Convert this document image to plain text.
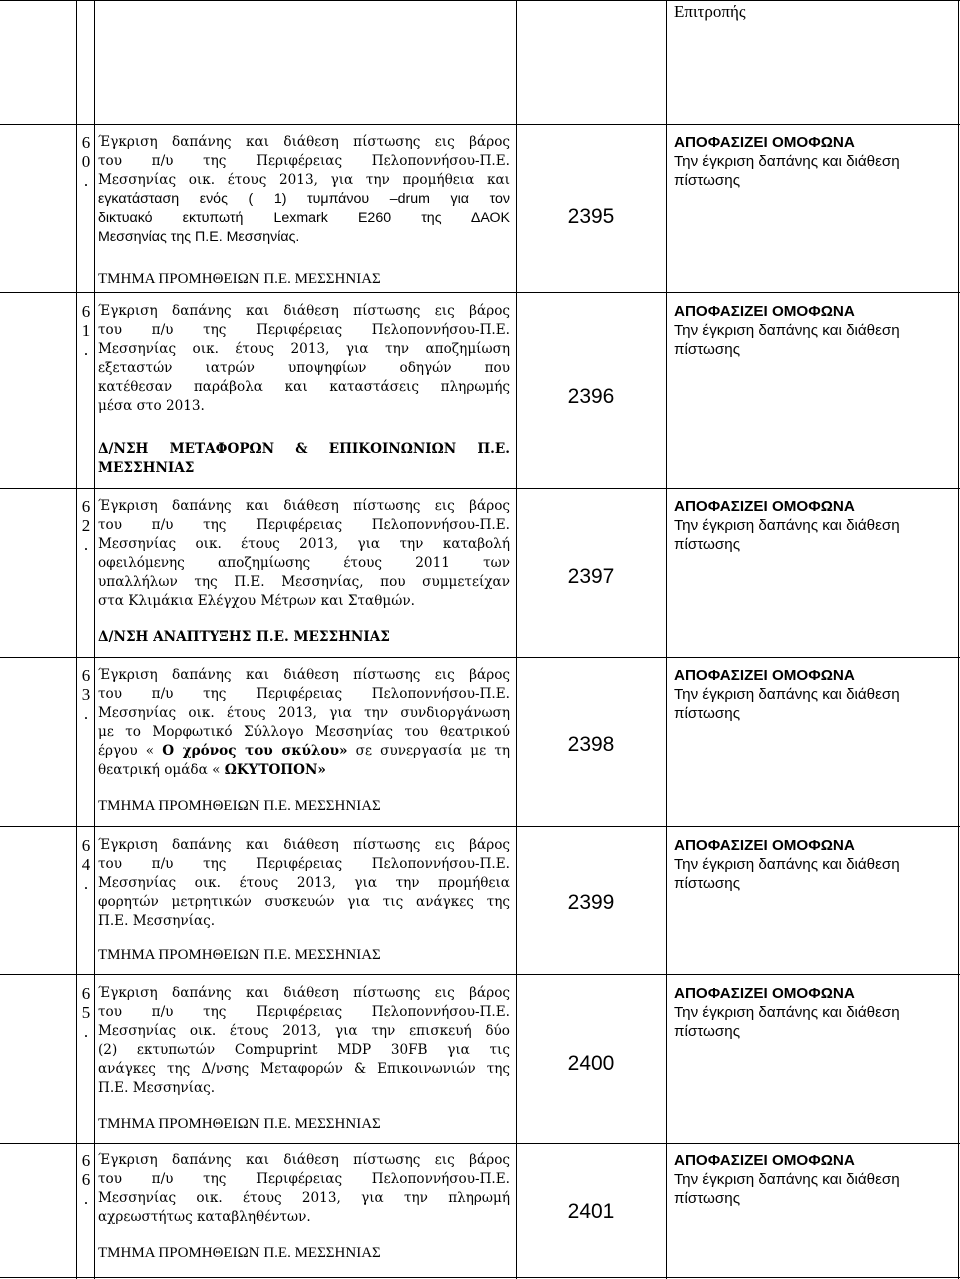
Επιτροπής
6
0
.
Έγκριση δαπάνης και διάθεση πίστωσης εις βάρος
του π/υ της Περιφέρειας Πελοποννήσου-Π.Ε.
Μεσσηνίας οικ. έτους 2013, για την προμήθεια και
εγκατάσταση ενός ( 1) τυμπάνου –drum για τον
δικτυακό εκτυπωτή Lexmark E260 της ΔΑΟΚ
Μεσσηνίας της Π.Ε. Μεσσηνίας.
ΤΜΗΜΑ ΠΡΟΜΗΘΕΙΩΝ Π.Ε. ΜΕΣΣΗΝΙΑΣ
2395
ΑΠΟΦΑΣΙΖΕΙ ΟΜΟΦΩΝΑ
Την έγκριση δαπάνης και διάθεση
πίστωσης
6
1
.
Έγκριση δαπάνης και διάθεση πίστωσης εις βάρος
του π/υ της Περιφέρειας Πελοποννήσου-Π.Ε.
Μεσσηνίας οικ. έτους 2013, για την αποζημίωση
εξεταστών ιατρών υποψηφίων οδηγών που
κατέθεσαν παράβολα και καταστάσεις πληρωμής
μέσα στο 2013.
Δ/ΝΣΗ ΜΕΤΑΦΟΡΩΝ & ΕΠΙΚΟΙΝΩΝΙΩΝ Π.Ε. ΜΕΣΣΗΝΙΑΣ
2396
ΑΠΟΦΑΣΙΖΕΙ ΟΜΟΦΩΝΑ
Την έγκριση δαπάνης και διάθεση
πίστωσης
6
2
.
Έγκριση δαπάνης και διάθεση πίστωσης εις βάρος
του π/υ της Περιφέρειας Πελοποννήσου-Π.Ε.
Μεσσηνίας οικ. έτους 2013, για την καταβολή
οφειλόμενης αποζημίωσης έτους 2011 των
υπαλλήλων της Π.Ε. Μεσσηνίας, που συμμετείχαν
στα Κλιμάκια Ελέγχου Μέτρων και Σταθμών.
Δ/ΝΣΗ ΑΝΑΠΤΥΞΗΣ Π.Ε. ΜΕΣΣΗΝΙΑΣ
2397
ΑΠΟΦΑΣΙΖΕΙ ΟΜΟΦΩΝΑ
Την έγκριση δαπάνης και διάθεση
πίστωσης
6
3
.
Έγκριση δαπάνης και διάθεση πίστωσης εις βάρος
του π/υ της Περιφέρειας Πελοποννήσου-Π.Ε.
Μεσσηνίας οικ. έτους 2013, για την συνδιοργάνωση
με το Μορφωτικό Σύλλογο Μεσσηνίας του θεατρικού
έργου « Ο χρόνος του σκύλου» σε συνεργασία με τη
θεατρική ομάδα « ΩΚΥΤΟΠΟΝ»
ΤΜΗΜΑ ΠΡΟΜΗΘΕΙΩΝ Π.Ε. ΜΕΣΣΗΝΙΑΣ
2398
ΑΠΟΦΑΣΙΖΕΙ ΟΜΟΦΩΝΑ
Την έγκριση δαπάνης και διάθεση
πίστωσης
6
4
.
Έγκριση δαπάνης και διάθεση πίστωσης εις βάρος
του π/υ της Περιφέρειας Πελοποννήσου-Π.Ε.
Μεσσηνίας οικ. έτους 2013, για την προμήθεια
φορητών μετρητικών συσκευών για τις ανάγκες της
Π.Ε. Μεσσηνίας.
ΤΜΗΜΑ ΠΡΟΜΗΘΕΙΩΝ Π.Ε. ΜΕΣΣΗΝΙΑΣ
2399
ΑΠΟΦΑΣΙΖΕΙ ΟΜΟΦΩΝΑ
Την έγκριση δαπάνης και διάθεση
πίστωσης
6
5
.
Έγκριση δαπάνης και διάθεση πίστωσης εις βάρος
του π/υ της Περιφέρειας Πελοποννήσου-Π.Ε.
Μεσσηνίας οικ. έτους 2013, για την επισκευή δύο
(2) εκτυπωτών Compuprint MDP 30FB για τις
ανάγκες της Δ/νσης Μεταφορών & Επικοινωνιών της
Π.Ε. Μεσσηνίας.
ΤΜΗΜΑ ΠΡΟΜΗΘΕΙΩΝ Π.Ε. ΜΕΣΣΗΝΙΑΣ
2400
ΑΠΟΦΑΣΙΖΕΙ ΟΜΟΦΩΝΑ
Την έγκριση δαπάνης και διάθεση
πίστωσης
6
6
.
Έγκριση δαπάνης και διάθεση πίστωσης εις βάρος
του π/υ της Περιφέρειας Πελοποννήσου-Π.Ε.
Μεσσηνίας οικ. έτους 2013, για την πληρωμή
αχρεωστήτως καταβληθέντων.
ΤΜΗΜΑ ΠΡΟΜΗΘΕΙΩΝ Π.Ε. ΜΕΣΣΗΝΙΑΣ
2401
ΑΠΟΦΑΣΙΖΕΙ ΟΜΟΦΩΝΑ
Την έγκριση δαπάνης και διάθεση
πίστωσης
